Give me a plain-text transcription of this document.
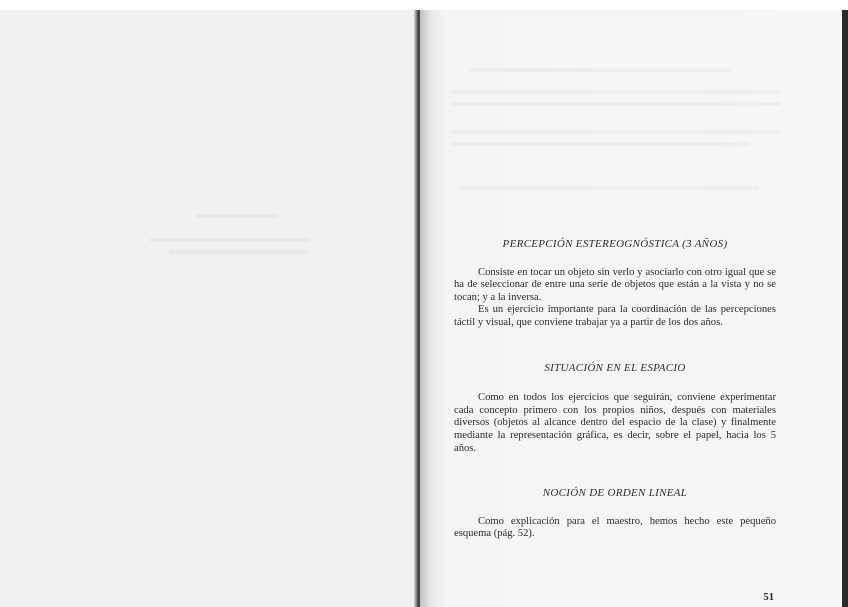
PERCEPCIÓN ESTEREOGNÓSTICA (3 AÑOS)

Consiste en tocar un objeto sin verlo y asociarlo con otro igual que se ha de seleccionar de entre una serie de objetos que están a la vista y no se tocan; y a la inversa.

Es un ejercicio importante para la coordinación de las percepciones táctil y visual, que conviene trabajar ya a partir de los dos años.

SITUACIÓN EN EL ESPACIO

Como en todos los ejercicios que seguirán, conviene experimentar cada concepto primero con los propios niños, después con materiales diversos (objetos al alcance dentro del espacio de la clase) y finalmente mediante la representación gráfica, es decir, sobre el papel, hacia los 5 años.

NOCIÓN DE ORDEN LINEAL

Como explicación para el maestro, hemos hecho este pequeño esquema (pág. 52).

51
